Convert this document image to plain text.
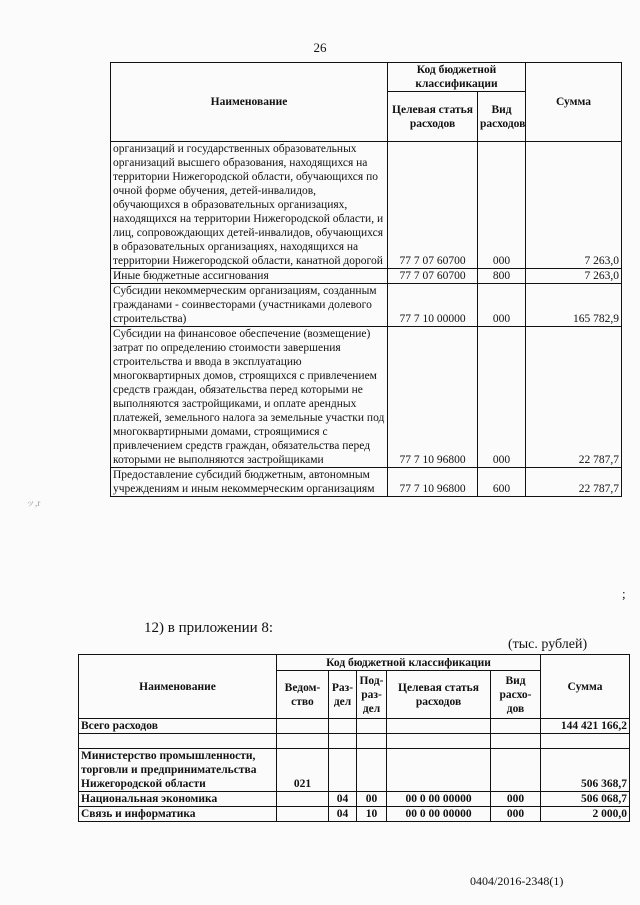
26
ッ,r
Наименование	Код бюджетной классификации		Сумма
	Целевая статья расходов	Вид расходов	
организаций и государственных образовательных организаций высшего образования, находящихся на территории Нижегородской области, обучающихся по очной форме обучения, детей-инвалидов, обучающихся в образовательных организациях, находящихся на территории Нижегородской области, и лиц, сопровождающих детей-инвалидов, обучающихся в образовательных организациях, находящихся на территории Нижегородской области, канатной дорогой	77 7 07 60700	000	7 263,0
Иные бюджетные ассигнования	77 7 07 60700	800	7 263,0
Субсидии некоммерческим организациям, созданным гражданами - соинвесторами (участниками долевого строительства)	77 7 10 00000	000	165 782,9
Субсидии на финансовое обеспечение (возмещение) затрат по определению стоимости завершения строительства и ввода в эксплуатацию многоквартирных домов, строящихся с привлечением средств граждан, обязательства перед которыми не выполняются застройщиками, и оплате арендных платежей, земельного налога за земельные участки под многоквартирными домами, строящимися с привлечением средств граждан, обязательства перед которыми не выполняются застройщиками	77 7 10 96800	000	22 787,7
Предоставление субсидий бюджетным, автономным учреждениям и иным некоммерческим организациям	77 7 10 96800	600	22 787,7
;
12) в приложении 8:
(тыс. рублей)
Наименование	Код бюджетной классификации					Сумма
	Ведом- ство	Раз- дел	Под- раз- дел	Целевая статья расходов	Вид расхо- дов	
Всего расходов						144 421 166,2

Министерство промышленности, торговли и предпринимательства Нижегородской области	021					506 368,7
Национальная экономика		04	00	00 0 00 00000	000	506 068,7
Связь и информатика		04	10	00 0 00 00000	000	2 000,0
0404/2016-2348(1)
